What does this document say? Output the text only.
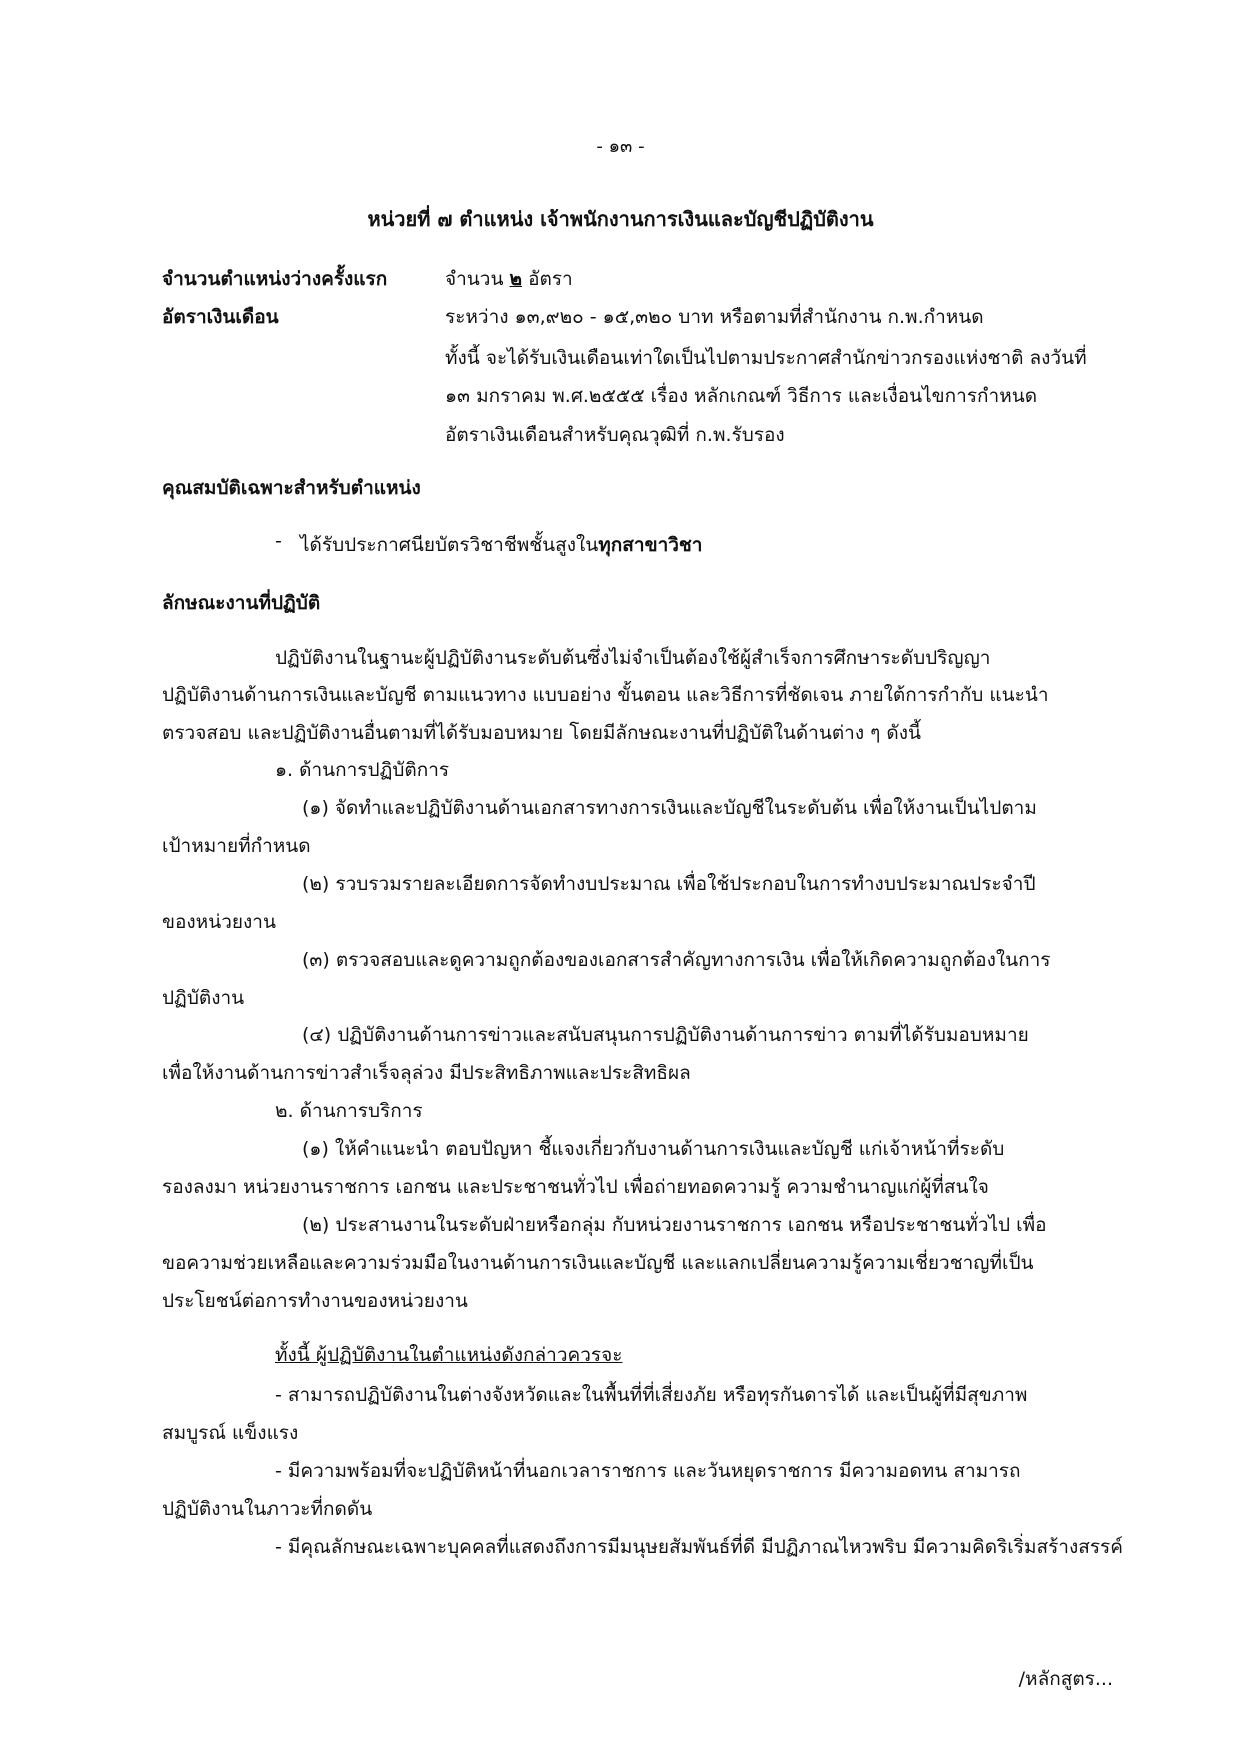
- ๑๓ -
หน่วยที่ ๗ ตำแหน่ง เจ้าพนักงานการเงินและบัญชีปฏิบัติงาน
จำนวนตำแหน่งว่างครั้งแรก	จำนวน ๒ อัตรา
อัตราเงินเดือน	ระหว่าง ๑๓,๙๒๐ - ๑๕,๓๒๐ บาท หรือตามที่สำนักงาน ก.พ.กำหนด
ทั้งนี้ จะได้รับเงินเดือนเท่าใดเป็นไปตามประกาศสำนักข่าวกรองแห่งชาติ ลงวันที่
๑๓ มกราคม พ.ศ.๒๕๕๕ เรื่อง หลักเกณฑ์ วิธีการ และเงื่อนไขการกำหนด
อัตราเงินเดือนสำหรับคุณวุฒิที่ ก.พ.รับรอง
คุณสมบัติเฉพาะสำหรับตำแหน่ง
- ได้รับประกาศนียบัตรวิชาชีพชั้นสูงในทุกสาขาวิชา
ลักษณะงานที่ปฏิบัติ
ปฏิบัติงานในฐานะผู้ปฏิบัติงานระดับต้นซึ่งไม่จำเป็นต้องใช้ผู้สำเร็จการศึกษาระดับปริญญา
ปฏิบัติงานด้านการเงินและบัญชี ตามแนวทาง แบบอย่าง ขั้นตอน และวิธีการที่ชัดเจน ภายใต้การกำกับ แนะนำ
ตรวจสอบ และปฏิบัติงานอื่นตามที่ได้รับมอบหมาย โดยมีลักษณะงานที่ปฏิบัติในด้านต่าง ๆ ดังนี้
๑. ด้านการปฏิบัติการ
(๑) จัดทำและปฏิบัติงานด้านเอกสารทางการเงินและบัญชีในระดับต้น เพื่อให้งานเป็นไปตาม
เป้าหมายที่กำหนด
(๒) รวบรวมรายละเอียดการจัดทำงบประมาณ เพื่อใช้ประกอบในการทำงบประมาณประจำปี
ของหน่วยงาน
(๓) ตรวจสอบและดูความถูกต้องของเอกสารสำคัญทางการเงิน เพื่อให้เกิดความถูกต้องในการ
ปฏิบัติงาน
(๔) ปฏิบัติงานด้านการข่าวและสนับสนุนการปฏิบัติงานด้านการข่าว ตามที่ได้รับมอบหมาย
เพื่อให้งานด้านการข่าวสำเร็จลุล่วง มีประสิทธิภาพและประสิทธิผล
๒. ด้านการบริการ
(๑) ให้คำแนะนำ ตอบปัญหา ชี้แจงเกี่ยวกับงานด้านการเงินและบัญชี แก่เจ้าหน้าที่ระดับ
รองลงมา หน่วยงานราชการ เอกชน และประชาชนทั่วไป เพื่อถ่ายทอดความรู้ ความชำนาญแก่ผู้ที่สนใจ
(๒) ประสานงานในระดับฝ่ายหรือกลุ่ม กับหน่วยงานราชการ เอกชน หรือประชาชนทั่วไป เพื่อ
ขอความช่วยเหลือและความร่วมมือในงานด้านการเงินและบัญชี และแลกเปลี่ยนความรู้ความเชี่ยวชาญที่เป็น
ประโยชน์ต่อการทำงานของหน่วยงาน
ทั้งนี้ ผู้ปฏิบัติงานในตำแหน่งดังกล่าวควรจะ
- สามารถปฏิบัติงานในต่างจังหวัดและในพื้นที่ที่เสี่ยงภัย หรือทุรกันดารได้ และเป็นผู้ที่มีสุขภาพ
สมบูรณ์ แข็งแรง
- มีความพร้อมที่จะปฏิบัติหน้าที่นอกเวลาราชการ และวันหยุดราชการ มีความอดทน สามารถ
ปฏิบัติงานในภาวะที่กดดัน
- มีคุณลักษณะเฉพาะบุคคลที่แสดงถึงการมีมนุษยสัมพันธ์ที่ดี มีปฏิภาณไหวพริบ มีความคิดริเริ่มสร้างสรรค์
/หลักสูตร...
